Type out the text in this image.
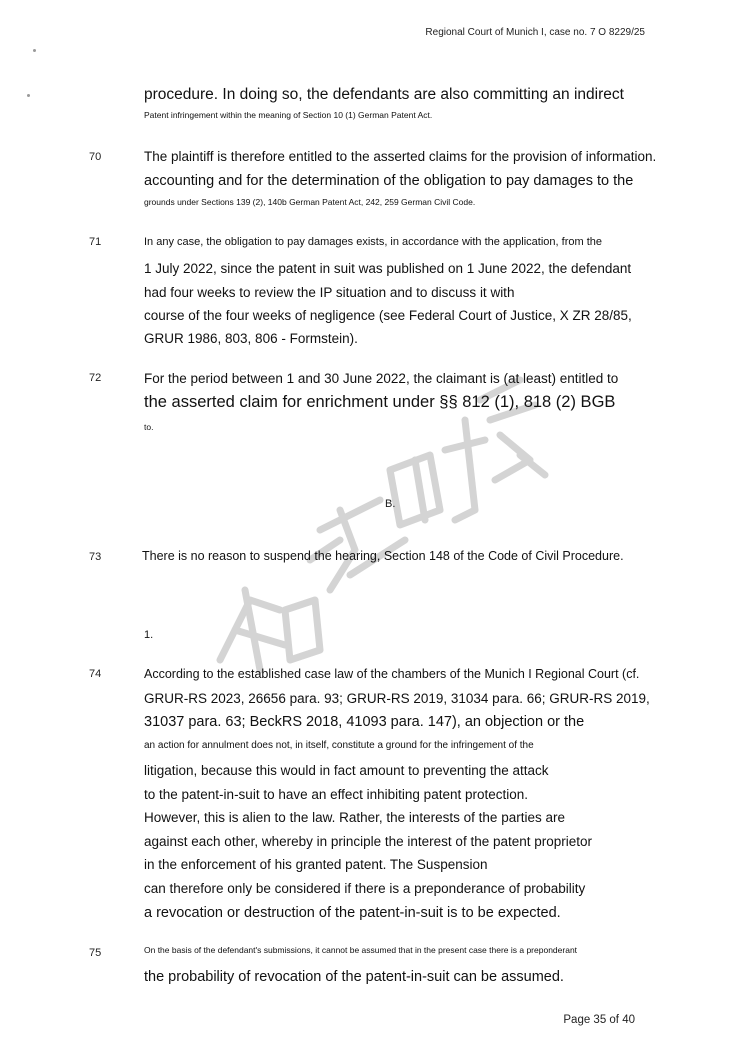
Regional Court of Munich I, case no. 7 O 8229/25
Page 35 of 40
70
71
72
73
74
75
procedure. In doing so, the defendants are also committing an indirect
Patent infringement within the meaning of Section 10 (1) German Patent Act.
The plaintiff is therefore entitled to the asserted claims for the provision of information.
accounting and for the determination of the obligation to pay damages to the
grounds under Sections 139 (2), 140b German Patent Act, 242, 259 German Civil Code.
In any case, the obligation to pay damages exists, in accordance with the application, from the
1 July 2022, since the patent in suit was published on 1 June 2022, the defendant
had four weeks to review the IP situation and to discuss it with
course of the four weeks of negligence (see Federal Court of Justice, X ZR 28/85,
GRUR 1986, 803, 806 - Formstein).
For the period between 1 and 30 June 2022, the claimant is (at least) entitled to
the asserted claim for enrichment under §§ 812 (1), 818 (2) BGB
to.
B.
There is no reason to suspend the hearing, Section 148 of the Code of Civil Procedure.
1.
According to the established case law of the chambers of the Munich I Regional Court (cf.
GRUR-RS 2023, 26656 para. 93; GRUR-RS 2019, 31034 para. 66; GRUR-RS 2019,
31037 para. 63; BeckRS 2018, 41093 para. 147), an objection or the
an action for annulment does not, in itself, constitute a ground for the infringement of the
litigation, because this would in fact amount to preventing the attack
to the patent-in-suit to have an effect inhibiting patent protection.
However, this is alien to the law. Rather, the interests of the parties are
against each other, whereby in principle the interest of the patent proprietor
in the enforcement of his granted patent. The Suspension
can therefore only be considered if there is a preponderance of probability
a revocation or destruction of the patent-in-suit is to be expected.
On the basis of the defendant's submissions, it cannot be assumed that in the present case there is a preponderant
the probability of revocation of the patent-in-suit can be assumed.
